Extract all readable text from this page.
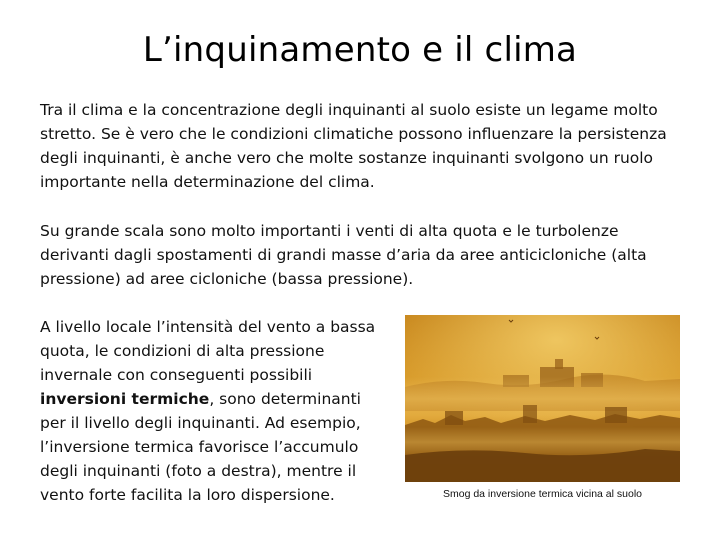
L’inquinamento e il clima

Tra il clima e la concentrazione degli inquinanti al suolo esiste un legame molto stretto. Se è vero che le condizioni climatiche possono influenzare la persistenza degli inquinanti, è anche vero che molte sostanze inquinanti svolgono un ruolo importante nella determinazione del clima.

Su grande scala sono molto importanti i venti di alta quota e le turbolenze derivanti dagli spostamenti di grandi masse d’aria da aree anticicloniche (alta pressione) ad aree cicloniche (bassa pressione).

A livello locale l’intensità del vento a bassa quota, le condizioni di alta pressione invernale con conseguenti possibili inversioni termiche, sono determinanti per il livello degli inquinanti. Ad esempio, l’inversione termica favorisce l’accumulo degli inquinanti (foto a destra), mentre il vento forte facilita la loro dispersione.	Smog da inversione termica vicina al suolo
